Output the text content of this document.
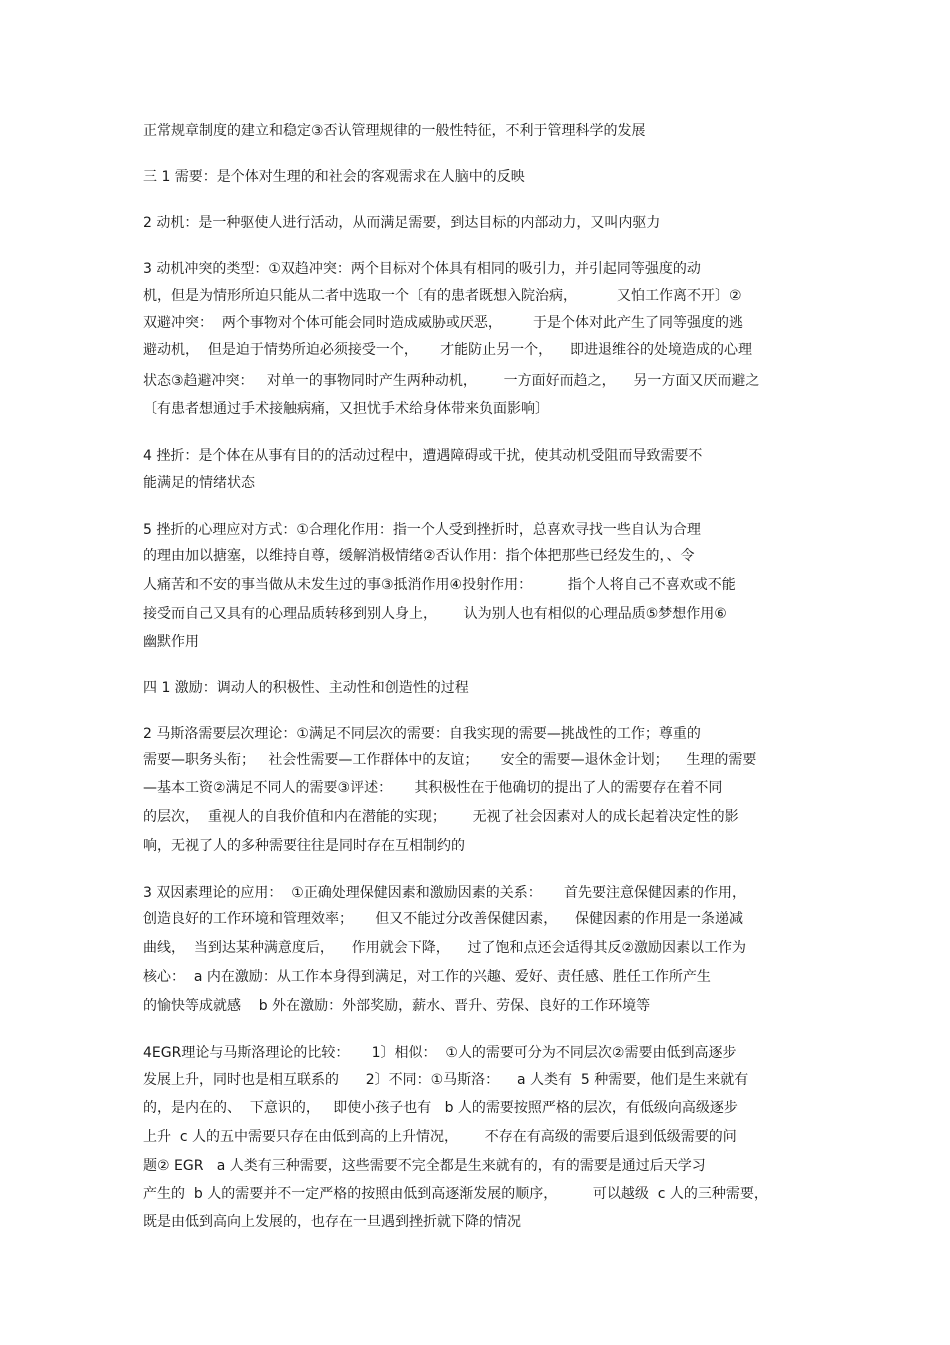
正常规章制度的建立和稳定③否认管理规律的一般性特征，不利于管理科学的发展
三 1 需要：是个体对生理的和社会的客观需求在人脑中的反映
2 动机：是一种驱使人进行活动，从而满足需要，到达目标的内部动力，又叫内驱力
3 动机冲突的类型：①双趋冲突：两个目标对个体具有相同的吸引力，并引起同等强度的动
机，但是为情形所迫只能从二者中选取一个〔有的患者既想入院治病，         又怕工作离不开〕②
双避冲突：  两个事物对个体可能会同时造成威胁或厌恶，       于是个体对此产生了同等强度的逃
避动机，  但是迫于情势所迫必须接受一个，     才能防止另一个，    即进退维谷的处境造成的心理
状态③趋避冲突：   对单一的事物同时产生两种动机，      一方面好而趋之，    另一方面又厌而避之
〔有患者想通过手术接触病痛，又担忧手术给身体带来负面影响〕
4 挫折：是个体在从事有目的的活动过程中，遭遇障碍或干扰，使其动机受阻而导致需要不
能满足的情绪状态
5 挫折的心理应对方式：①合理化作用：指一个人受到挫折时，总喜欢寻找一些自认为合理
的理由加以搪塞，以维持自尊，缓解消极情绪②否认作用：指个体把那些已经发生的，、令
人痛苦和不安的事当做从未发生过的事③抵消作用④投射作用：        指个人将自己不喜欢或不能
接受而自己又具有的心理品质转移到别人身上，      认为别人也有相似的心理品质⑤梦想作用⑥
幽默作用
四 1 激励：调动人的积极性、主动性和创造性的过程
2 马斯洛需要层次理论：①满足不同层次的需要：自我实现的需要—挑战性的工作；尊重的
需要—职务头衔；   社会性需要—工作群体中的友谊；     安全的需要—退休金计划；    生理的需要
—基本工资②满足不同人的需要③评述：     其积极性在于他确切的提出了人的需要存在着不同
的层次，  重视人的自我价值和内在潜能的实现；      无视了社会因素对人的成长起着决定性的影
响，无视了人的多种需要往往是同时存在互相制约的
3 双因素理论的应用：  ①正确处理保健因素和激励因素的关系：     首先要注意保健因素的作用，
创造良好的工作环境和管理效率；     但又不能过分改善保健因素，    保健因素的作用是一条递减
曲线，  当到达某种满意度后，    作用就会下降，    过了饱和点还会适得其反②激励因素以工作为
核心：  a 内在激励：从工作本身得到满足，对工作的兴趣、爱好、责任感、胜任工作所产生
的愉快等成就感    b 外在激励：外部奖励，薪水、晋升、劳保、良好的工作环境等
4EGR理论与马斯洛理论的比较：     1〕相似：  ①人的需要可分为不同层次②需要由低到高逐步
发展上升，同时也是相互联系的      2〕不同：①马斯洛：    a 人类有  5 种需要，他们是生来就有
的，是内在的、  下意识的，   即使小孩子也有   b 人的需要按照严格的层次，有低级向高级逐步
上升  c 人的五中需要只存在由低到高的上升情况，      不存在有高级的需要后退到低级需要的问
题② EGR   a 人类有三种需要，这些需要不完全都是生来就有的，有的需要是通过后天学习
产生的  b 人的需要并不一定严格的按照由低到高逐渐发展的顺序，        可以越级  c 人的三种需要，
既是由低到高向上发展的，也存在一旦遇到挫折就下降的情况
